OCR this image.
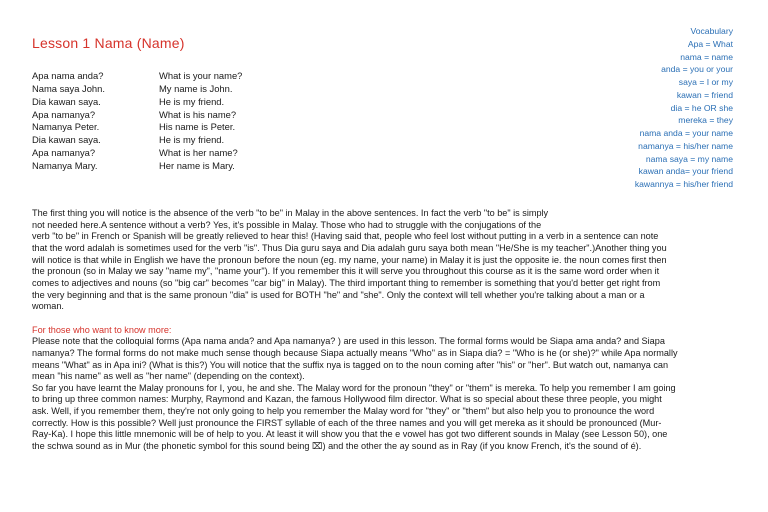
Lesson 1 Nama (Name)
Vocabulary
Apa = What
nama = name
anda = you or your
saya = I or my
kawan = friend
dia = he OR she
mereka = they
nama anda = your name
namanya = his/her name
nama saya = my name
kawan anda= your friend
kawannya = his/her friend
Apa nama anda?	What is your name?
Nama saya John.	My name is John.
Dia kawan saya.	He is my friend.
Apa namanya?	What is his name?
Namanya Peter.	His name is Peter.
Dia kawan saya.	He is my friend.
Apa namanya?	What is her name?
Namanya Mary.	Her name is Mary.

The first thing you will notice is the absence of the verb "to be" in Malay in the above sentences. In fact the verb "to be" is simply

not needed here.A sentence without a verb? Yes, it's possible in Malay. Those who had to struggle with the conjugations of the

verb "to be" in French or Spanish will be greatly relieved to hear this! (Having said that, people who feel lost without putting in a verb in a sentence can note

that the word adalah is sometimes used for the verb "is". Thus Dia guru saya and Dia adalah guru saya both mean "He/She is my teacher".)Another thing you

will notice is that while in English we have the pronoun before the noun (eg. my name, your name) in Malay it is just the opposite ie. the noun comes first then

the pronoun (so in Malay we say "name my", "name your"). If you remember this it will serve you throughout this course as it is the same word order when it

comes to adjectives and nouns (so "big car" becomes "car big" in Malay). The third important thing to remember is something that you'd better get right from

the very beginning and that is the same pronoun "dia" is used for BOTH "he" and "she". Only the context will tell whether you're talking about a man or a

woman.

For those who want to know more:

Please note that the colloquial forms (Apa nama anda? and Apa namanya? ) are used in this lesson. The formal forms would be Siapa ama anda? and Siapa

namanya? The formal forms do not make much sense though because Siapa actually means "Who" as in Siapa dia? = "Who is he (or she)?" while Apa normally

means "What" as in Apa ini? (What is this?) You will notice that the suffix nya is tagged on to the noun coming after "his" or "her". But watch out, namanya can

mean "his name" as well as "her name" (depending on the context).

So far you have learnt the Malay pronouns for I, you, he and she. The Malay word for the pronoun "they" or "them" is mereka. To help you remember I am going

to bring up three common names: Murphy, Raymond and Kazan, the famous Hollywood film director. What is so special about these three people, you might

ask. Well, if you remember them, they're not only going to help you remember the Malay word for "they" or "them" but also help you to pronounce the word

correctly. How is this possible? Well just pronounce the FIRST syllable of each of the three names and you will get mereka as it should be pronounced (Mur-

Ray-Ka). I hope this little mnemonic will be of help to you. At least it will show you that the e vowel has got two different sounds in Malay (see Lesson 50), one

the schwa sound as in Mur (the phonetic symbol for this sound being ⌧) and the other the ay sound as in Ray (if you know French, it's the sound of é).
